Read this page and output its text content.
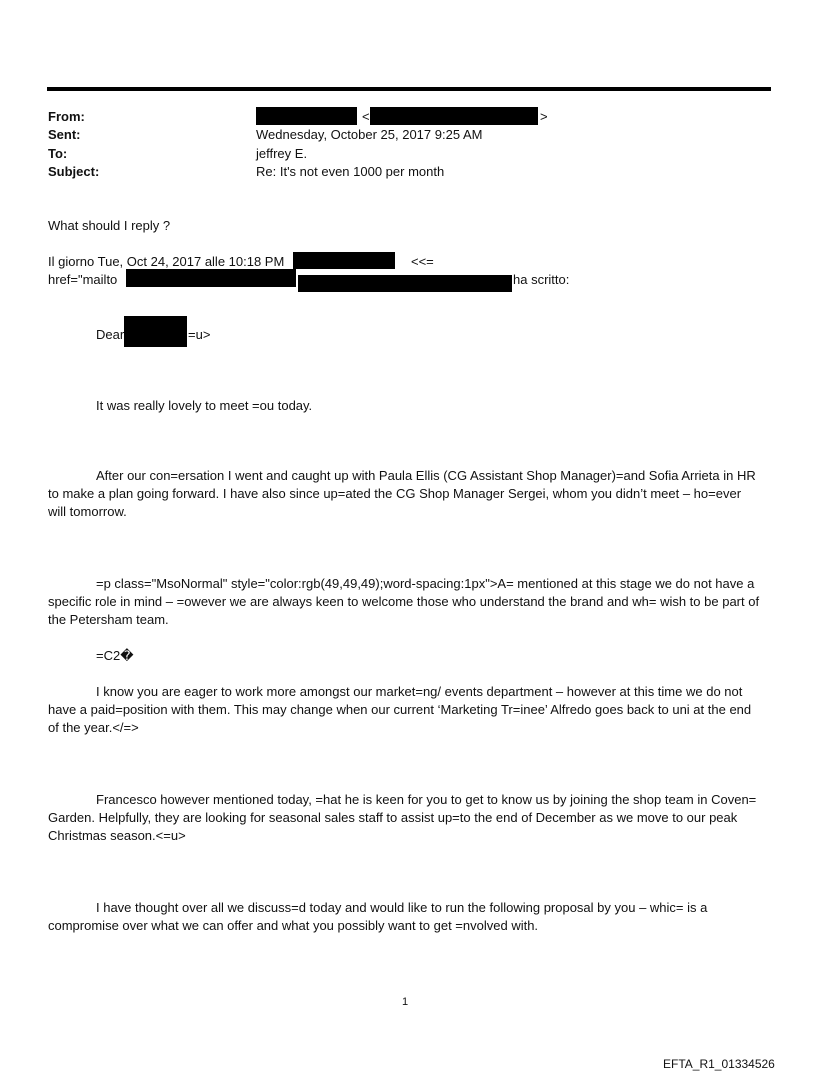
From:	<	>
Sent:	Wednesday, October 25, 2017 9:25 AM
To:	jeffrey E.
Subject:	Re: It's not even 1000 per month
What should I reply ?
Il giorno Tue, Oct 24, 2017 alle 10:18 PM	<<=
href="mailto	ha scritto:
Dear	=u>
It was really lovely to meet =ou today.
After our con=ersation I went and caught up with Paula Ellis (CG Assistant Shop Manager)=and Sofia Arrieta in HR to make a plan going forward. I have also since up=ated the CG Shop Manager Sergei, whom you didn’t meet – ho=ever will tomorrow.
=p class="MsoNormal" style="color:rgb(49,49,49);word-spacing:1px">A= mentioned at this stage we do not have a specific role in mind – =owever we are always keen to welcome those who understand the brand and wh= wish to be part of the Petersham team.
=C2�
I know you are eager to work more amongst our market=ng/ events department – however at this time we do not have a paid=position with them. This may change when our current ‘Marketing Tr=inee’ Alfredo goes back to uni at the end of the year.</=>
Francesco however mentioned today, =hat he is keen for you to get to know us by joining the shop team in Coven= Garden. Helpfully, they are looking for seasonal sales staff to assist up=to the end of December as we move to our peak Christmas season.<=u>
I have thought over all we discuss=d today and would like to run the following proposal by you – whic= is a compromise over what we can offer and what you possibly want to get =nvolved with.
1
EFTA_R1_01334526
